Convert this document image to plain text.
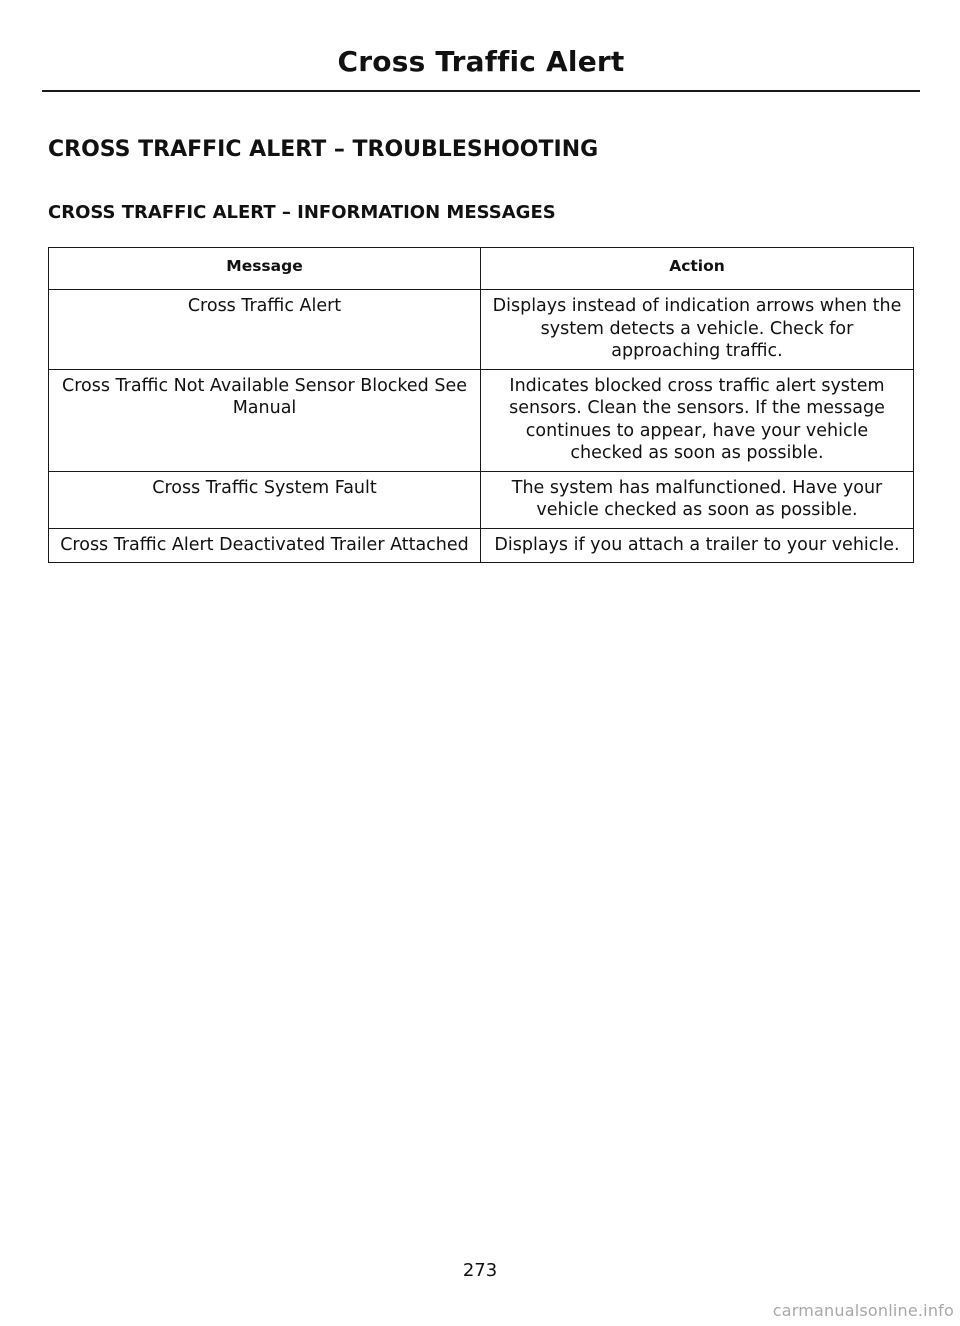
Cross Traffic Alert
CROSS TRAFFIC ALERT – TROUBLESHOOTING
CROSS TRAFFIC ALERT – INFORMATION MESSAGES
Message	Action
Cross Traffic Alert	Displays instead of indication arrows when the system detects a vehicle. Check for approaching traffic.
Cross Traffic Not Available Sensor Blocked See Manual	Indicates blocked cross traffic alert system sensors. Clean the sensors. If the message continues to appear, have your vehicle checked as soon as possible.
Cross Traffic System Fault	The system has malfunctioned. Have your vehicle checked as soon as possible.
Cross Traffic Alert Deactivated Trailer Attached	Displays if you attach a trailer to your vehicle.
273
carmanualsonline.info
